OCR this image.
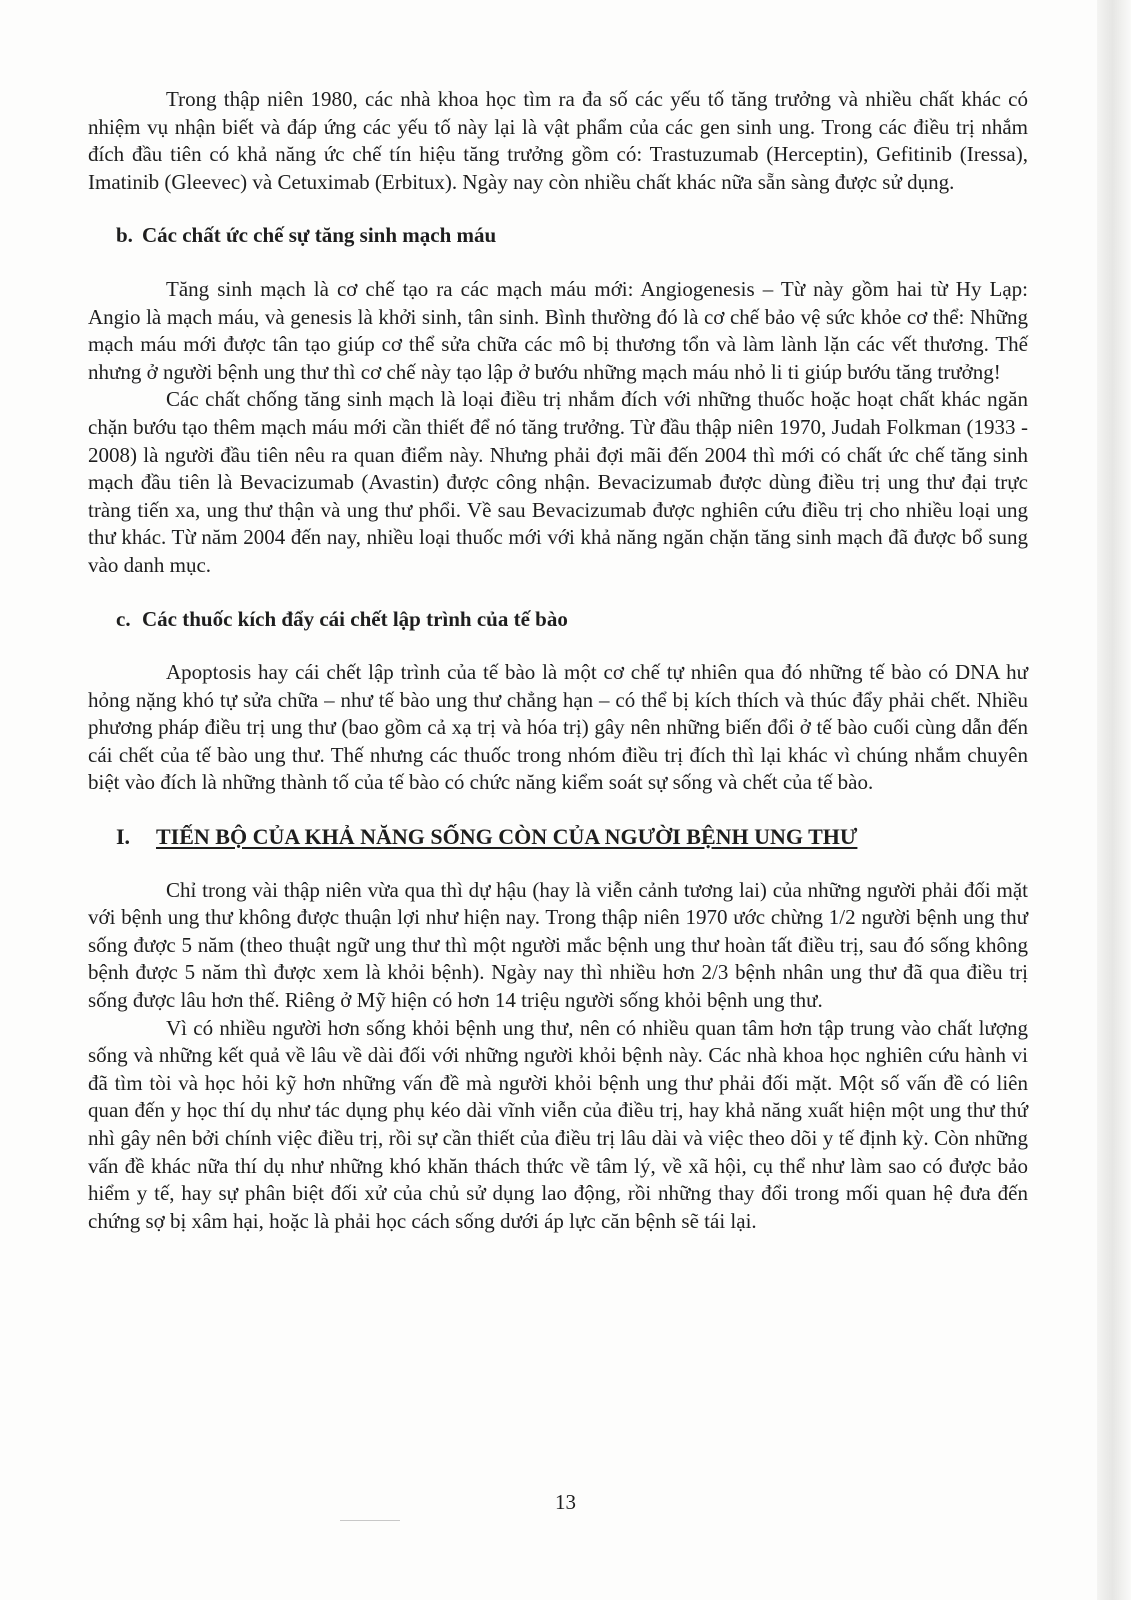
Trong thập niên 1980, các nhà khoa học tìm ra đa số các yếu tố tăng trưởng và nhiều chất khác có nhiệm vụ nhận biết và đáp ứng các yếu tố này lại là vật phẩm của các gen sinh ung. Trong các điều trị nhắm đích đầu tiên có khả năng ức chế tín hiệu tăng trưởng gồm có: Trastuzumab (Herceptin), Gefitinib (Iressa), Imatinib (Gleevec) và Cetuximab (Erbitux). Ngày nay còn nhiều chất khác nữa sẵn sàng được sử dụng.

b. Các chất ức chế sự tăng sinh mạch máu

Tăng sinh mạch là cơ chế tạo ra các mạch máu mới: Angiogenesis – Từ này gồm hai từ Hy Lạp: Angio là mạch máu, và genesis là khởi sinh, tân sinh. Bình thường đó là cơ chế bảo vệ sức khỏe cơ thể: Những mạch máu mới được tân tạo giúp cơ thể sửa chữa các mô bị thương tổn và làm lành lặn các vết thương. Thế nhưng ở người bệnh ung thư thì cơ chế này tạo lập ở bướu những mạch máu nhỏ li ti giúp bướu tăng trưởng!

Các chất chống tăng sinh mạch là loại điều trị nhắm đích với những thuốc hoặc hoạt chất khác ngăn chặn bướu tạo thêm mạch máu mới cần thiết để nó tăng trưởng. Từ đầu thập niên 1970, Judah Folkman (1933 - 2008) là người đầu tiên nêu ra quan điểm này. Nhưng phải đợi mãi đến 2004 thì mới có chất ức chế tăng sinh mạch đầu tiên là Bevacizumab (Avastin) được công nhận. Bevacizumab được dùng điều trị ung thư đại trực tràng tiến xa, ung thư thận và ung thư phổi. Về sau Bevacizumab được nghiên cứu điều trị cho nhiều loại ung thư khác. Từ năm 2004 đến nay, nhiều loại thuốc mới với khả năng ngăn chặn tăng sinh mạch đã được bổ sung vào danh mục.

c. Các thuốc kích đẩy cái chết lập trình của tế bào

Apoptosis hay cái chết lập trình của tế bào là một cơ chế tự nhiên qua đó những tế bào có DNA hư hỏng nặng khó tự sửa chữa – như tế bào ung thư chẳng hạn – có thể bị kích thích và thúc đẩy phải chết. Nhiều phương pháp điều trị ung thư (bao gồm cả xạ trị và hóa trị) gây nên những biến đổi ở tế bào cuối cùng dẫn đến cái chết của tế bào ung thư. Thế nhưng các thuốc trong nhóm điều trị đích thì lại khác vì chúng nhắm chuyên biệt vào đích là những thành tố của tế bào có chức năng kiểm soát sự sống và chết của tế bào.

I. TIẾN BỘ CỦA KHẢ NĂNG SỐNG CÒN CỦA NGƯỜI BỆNH UNG THƯ

Chỉ trong vài thập niên vừa qua thì dự hậu (hay là viễn cảnh tương lai) của những người phải đối mặt với bệnh ung thư không được thuận lợi như hiện nay. Trong thập niên 1970 ước chừng 1/2 người bệnh ung thư sống được 5 năm (theo thuật ngữ ung thư thì một người mắc bệnh ung thư hoàn tất điều trị, sau đó sống không bệnh được 5 năm thì được xem là khỏi bệnh). Ngày nay thì nhiều hơn 2/3 bệnh nhân ung thư đã qua điều trị sống được lâu hơn thế. Riêng ở Mỹ hiện có hơn 14 triệu người sống khỏi bệnh ung thư.

Vì có nhiều người hơn sống khỏi bệnh ung thư, nên có nhiều quan tâm hơn tập trung vào chất lượng sống và những kết quả về lâu về dài đối với những người khỏi bệnh này. Các nhà khoa học nghiên cứu hành vi đã tìm tòi và học hỏi kỹ hơn những vấn đề mà người khỏi bệnh ung thư phải đối mặt. Một số vấn đề có liên quan đến y học thí dụ như tác dụng phụ kéo dài vĩnh viễn của điều trị, hay khả năng xuất hiện một ung thư thứ nhì gây nên bởi chính việc điều trị, rồi sự cần thiết của điều trị lâu dài và việc theo dõi y tế định kỳ. Còn những vấn đề khác nữa thí dụ như những khó khăn thách thức về tâm lý, về xã hội, cụ thể như làm sao có được bảo hiểm y tế, hay sự phân biệt đối xử của chủ sử dụng lao động, rồi những thay đổi trong mối quan hệ đưa đến chứng sợ bị xâm hại, hoặc là phải học cách sống dưới áp lực căn bệnh sẽ tái lại.

13
